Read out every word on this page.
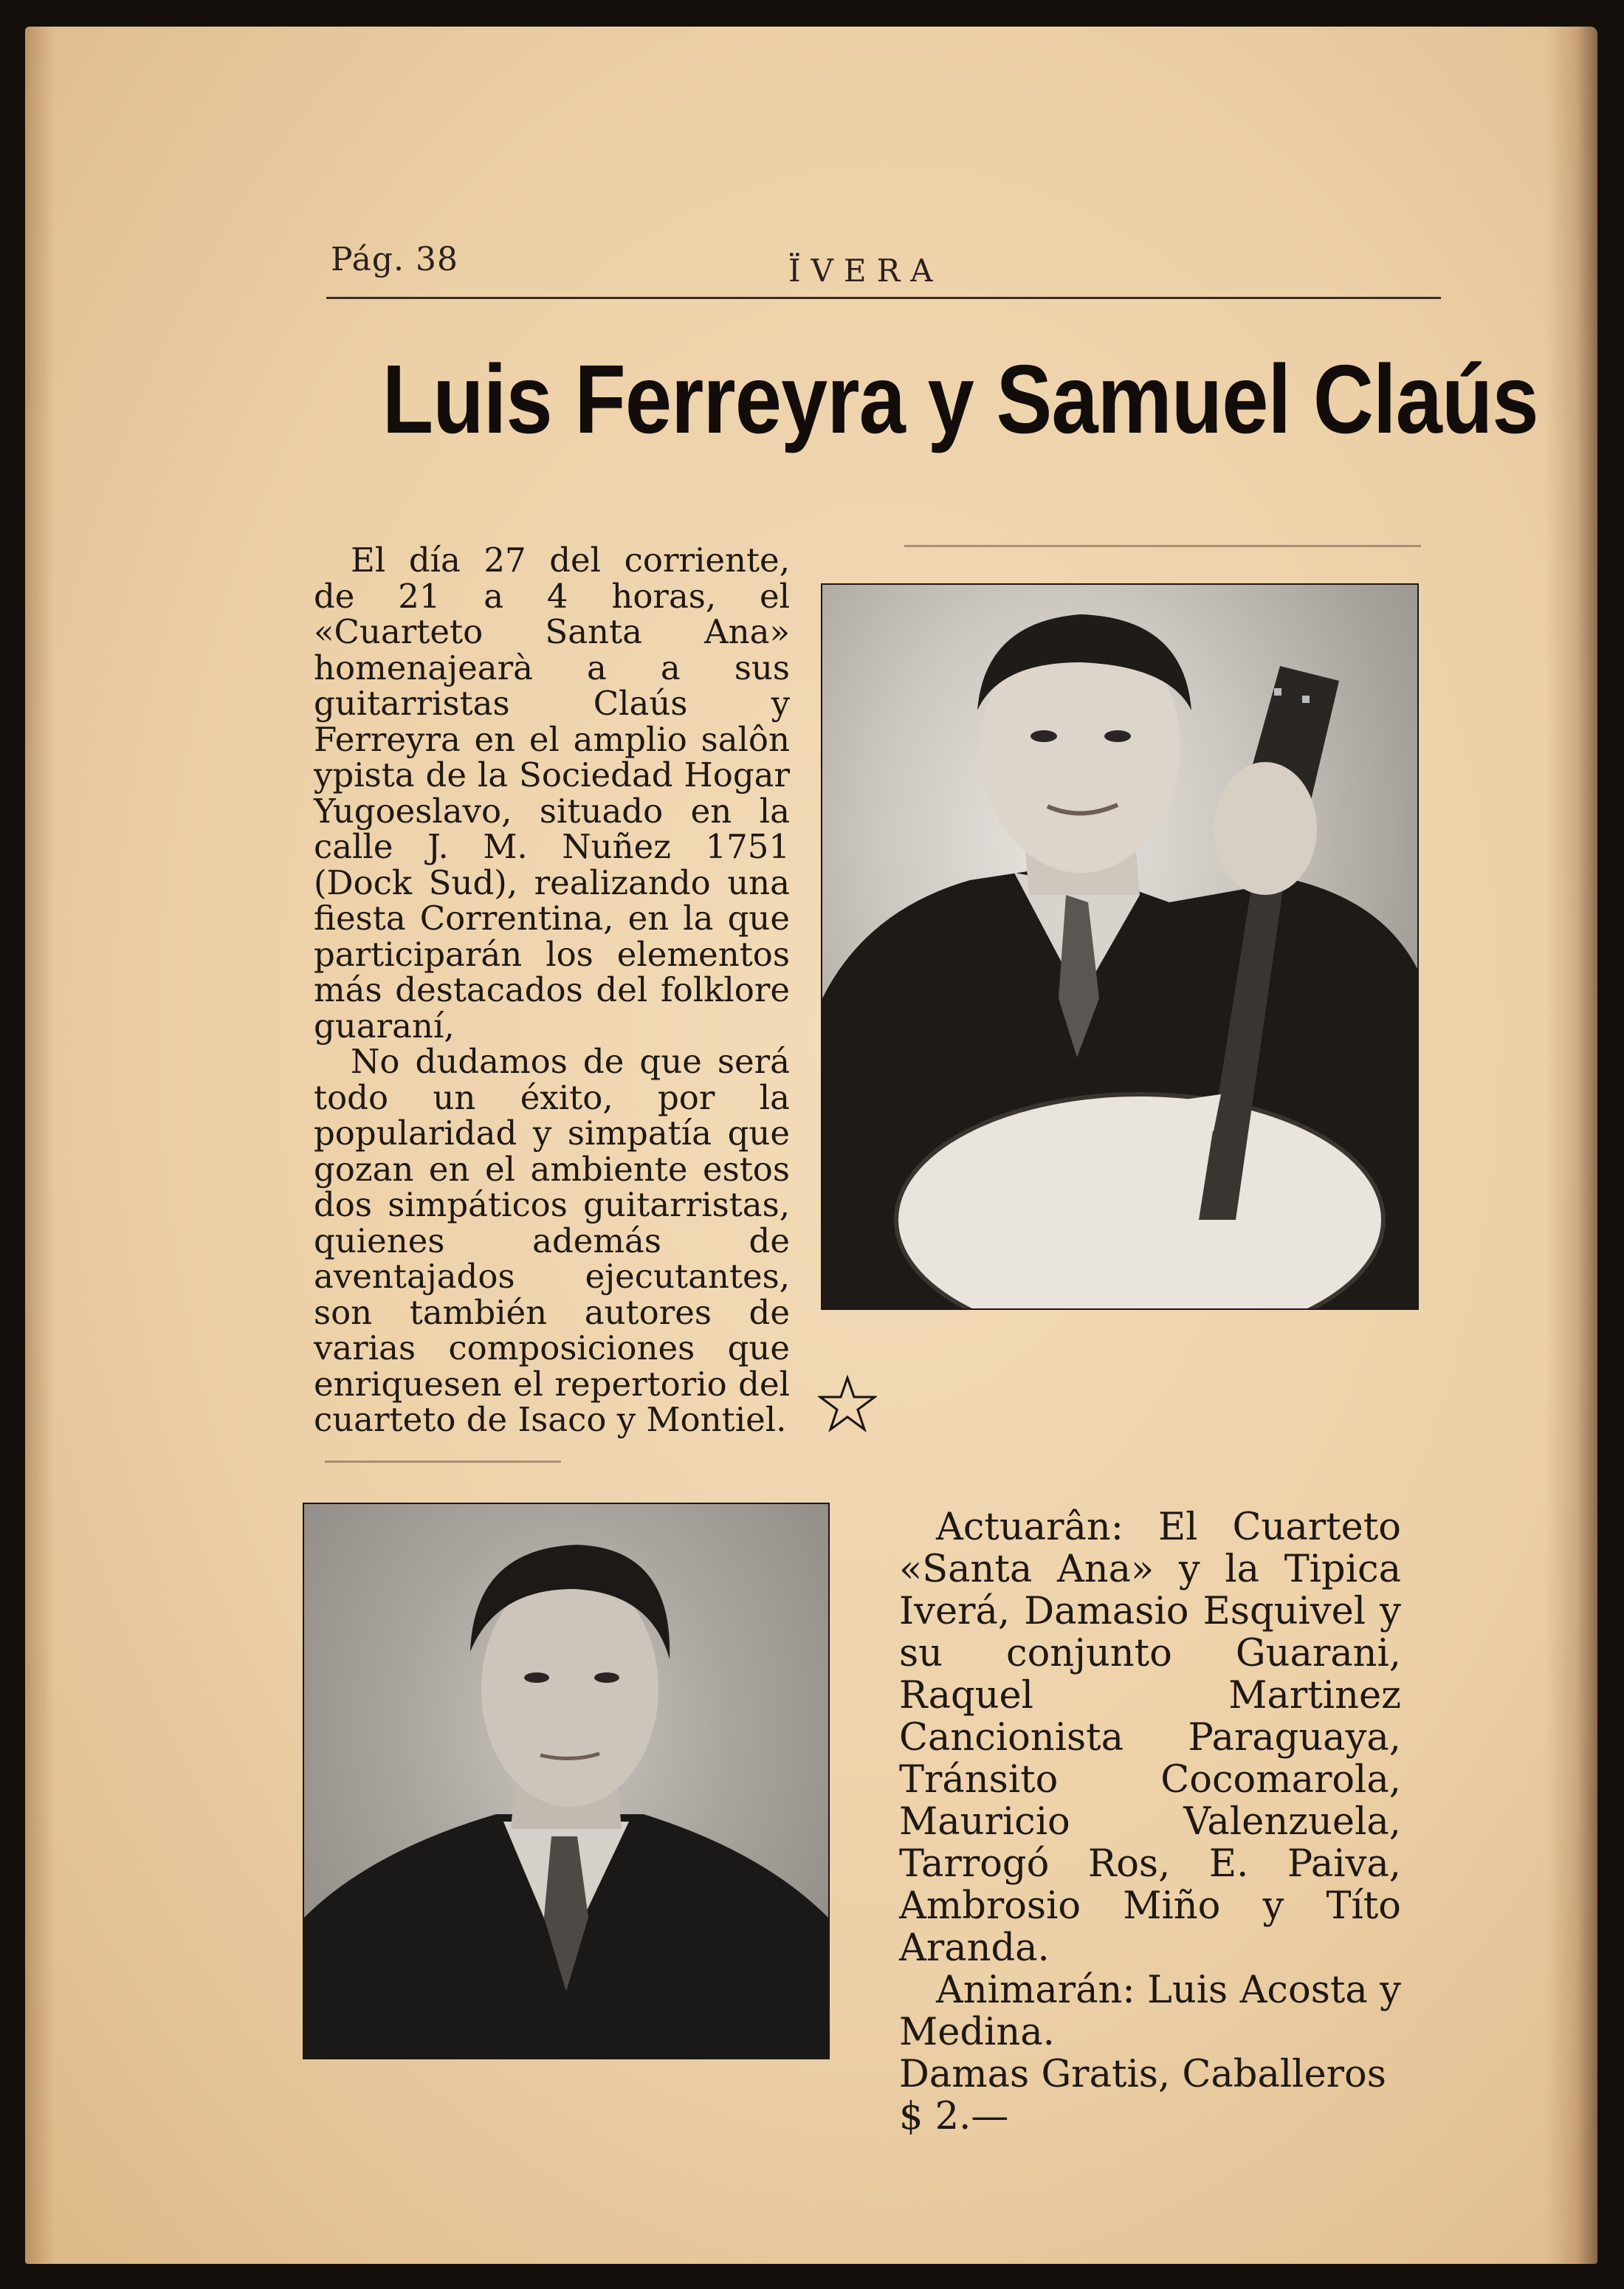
Pág. 38	ÏVERA
Luis Ferreyra y Samuel Claús

El día 27 del corriente, de 21 a 4 horas, el «Cuarteto Santa Ana» homenajearà a a sus guitarristas Claús y Ferreyra en el amplio salôn ypista de la Sociedad Hogar Yugoeslavo, situado en la calle J. M. Nuñez 1751 (Dock Sud), realizando una fiesta Correntina, en la que participarán los elementos más destacados del folklore guaraní,

No dudamos de que será todo un éxito, por la popularidad y simpatía que gozan en el ambiente estos dos simpáticos guitarristas, quienes además de aventajados ejecutantes, son también autores de varias composiciones que enriquesen el repertorio del cuarteto de Isaco y Montiel.

Actuarân: El Cuarteto «Santa Ana» y la Tipica Iverá, Damasio Esquivel y su conjunto Guarani, Raquel Martinez Cancionista Paraguaya, Tránsito Cocomarola, Mauricio Valenzuela, Tarrogó Ros, E. Paiva, Ambrosio Miño y Títo Aranda.

Animarán: Luis Acosta y Medina.

Damas Gratis, Caballeros

$ 2.—
